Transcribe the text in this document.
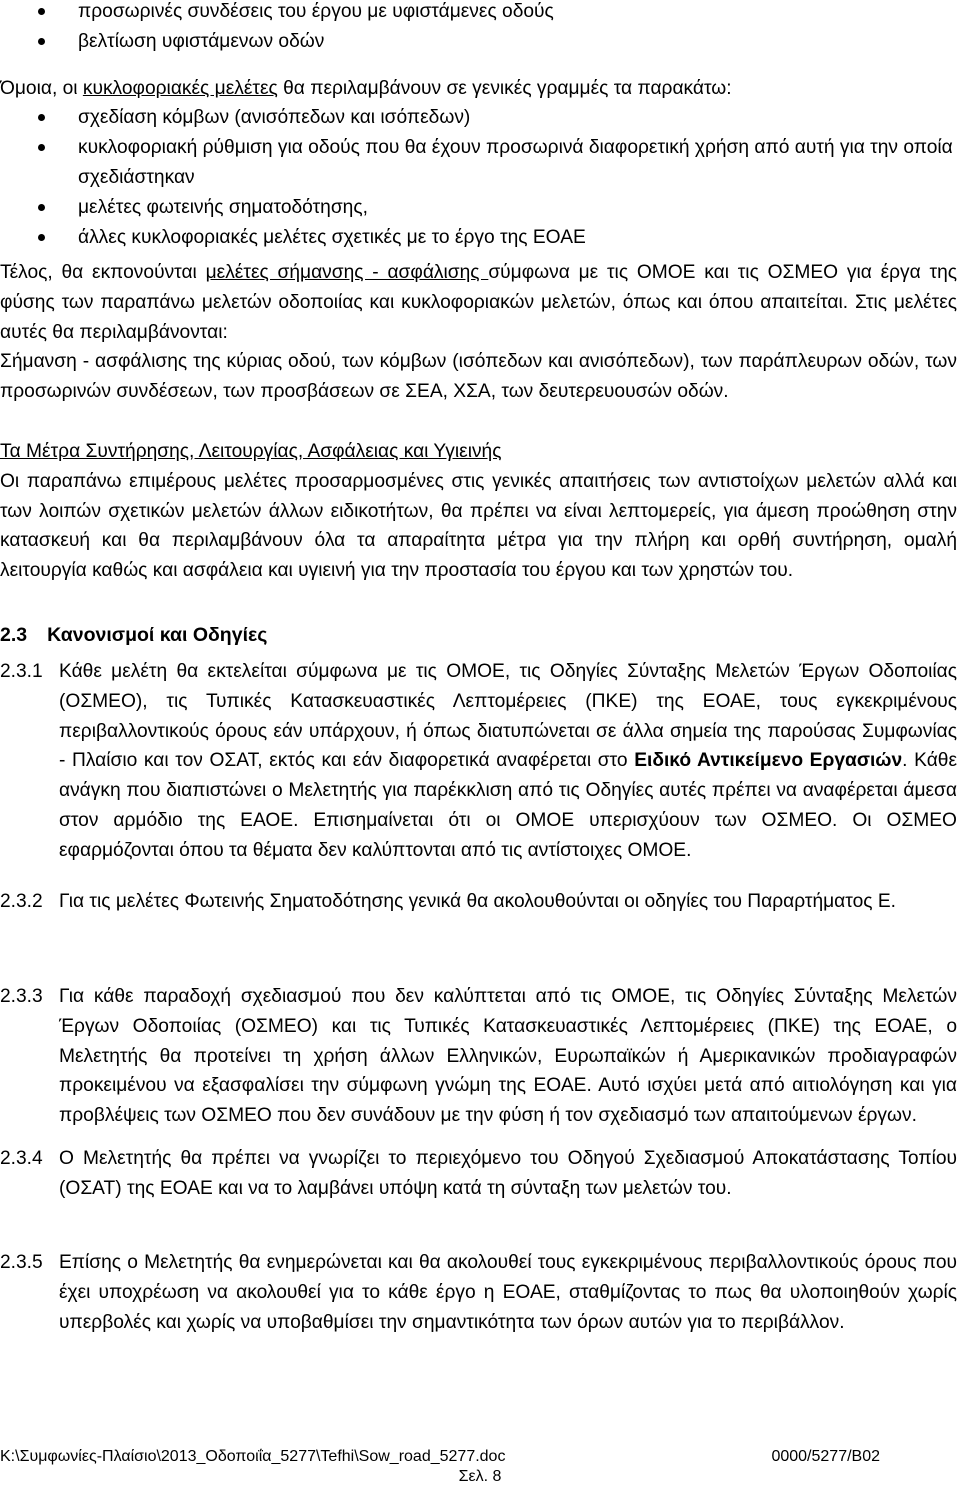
προσωρινές συνδέσεις του έργου με υφιστάμενες οδούς
βελτίωση υφιστάμενων οδών

Όμοια, οι κυκλοφοριακές μελέτες θα περιλαμβάνουν σε γενικές γραμμές τα παρακάτω:

σχεδίαση κόμβων (ανισόπεδων και ισόπεδων)
κυκλοφοριακή ρύθμιση για οδούς που θα έχουν προσωρινά διαφορετική χρήση από αυτή για την οποία σχεδιάστηκαν
μελέτες φωτεινής σηματοδότησης,
άλλες κυκλοφοριακές μελέτες σχετικές με το έργο της ΕΟΑΕ

Τέλος, θα εκπονούνται μελέτες σήμανσης - ασφάλισης σύμφωνα με τις ΟΜΟΕ και τις ΟΣΜΕΟ για έργα της φύσης των παραπάνω μελετών οδοποιίας και κυκλοφοριακών μελετών, όπως και όπου απαιτείται. Στις μελέτες αυτές θα περιλαμβάνονται:

Σήμανση - ασφάλισης της κύριας οδού, των κόμβων (ισόπεδων και ανισόπεδων), των παράπλευρων οδών, των προσωρινών συνδέσεων, των προσβάσεων σε ΣΕΑ, ΧΣΑ, των δευτερευουσών οδών.

Τα Μέτρα Συντήρησης, Λειτουργίας, Ασφάλειας και Υγιεινής

Οι παραπάνω επιμέρους μελέτες προσαρμοσμένες στις γενικές απαιτήσεις των αντιστοίχων μελετών αλλά και των λοιπών σχετικών μελετών άλλων ειδικοτήτων, θα πρέπει να είναι λεπτομερείς, για άμεση προώθηση στην κατασκευή και θα περιλαμβάνουν όλα τα απαραίτητα μέτρα για την πλήρη και ορθή συντήρηση, ομαλή λειτουργία καθώς και ασφάλεια και υγιεινή για την προστασία του έργου και των χρηστών του.

2.3 Κανονισμοί και Οδηγίες
2.3.1 Κάθε μελέτη θα εκτελείται σύμφωνα με τις ΟΜΟΕ, τις Οδηγίες Σύνταξης Μελετών Έργων Οδοποιίας (ΟΣΜΕΟ), τις Τυπικές Κατασκευαστικές Λεπτομέρειες (ΠΚΕ) της ΕΟΑΕ, τους εγκεκριμένους περιβαλλοντικούς όρους εάν υπάρχουν, ή όπως διατυπώνεται σε άλλα σημεία της παρούσας Συμφωνίας - Πλαίσιο και τον ΟΣΑΤ, εκτός και εάν διαφορετικά αναφέρεται στο Ειδικό Αντικείμενο Εργασιών. Κάθε ανάγκη που διαπιστώνει ο Μελετητής για παρέκκλιση από τις Οδηγίες αυτές πρέπει να αναφέρεται άμεσα στον αρμόδιο της ΕΑΟΕ. Επισημαίνεται ότι οι ΟΜΟΕ υπερισχύουν των ΟΣΜΕΟ. Οι ΟΣΜΕΟ εφαρμόζονται όπου τα θέματα δεν καλύπτονται από τις αντίστοιχες ΟΜΟΕ.

2.3.2 Για τις μελέτες Φωτεινής Σηματοδότησης γενικά θα ακολουθούνται οι οδηγίες του Παραρτήματος Ε.

2.3.3 Για κάθε παραδοχή σχεδιασμού που δεν καλύπτεται από τις ΟΜΟΕ, τις Οδηγίες Σύνταξης Μελετών Έργων Οδοποιίας (ΟΣΜΕΟ) και τις Τυπικές Κατασκευαστικές Λεπτομέρειες (ΠΚΕ) της ΕΟΑΕ, ο Μελετητής θα προτείνει τη χρήση άλλων Ελληνικών, Ευρωπαϊκών ή Αμερικανικών προδιαγραφών προκειμένου να εξασφαλίσει την σύμφωνη γνώμη της ΕΟΑΕ. Αυτό ισχύει μετά από αιτιολόγηση και για προβλέψεις των ΟΣΜΕΟ που δεν συνάδουν με την φύση ή τον σχεδιασμό των απαιτούμενων έργων.

2.3.4 Ο Μελετητής θα πρέπει να γνωρίζει το περιεχόμενο του Οδηγού Σχεδιασμού Αποκατάστασης Τοπίου (ΟΣΑΤ) της ΕΟΑΕ και να το λαμβάνει υπόψη κατά τη σύνταξη των μελετών του.

2.3.5 Επίσης ο Μελετητής θα ενημερώνεται και θα ακολουθεί τους εγκεκριμένους περιβαλλοντικούς όρους που έχει υποχρέωση να ακολουθεί για το κάθε έργο η ΕΟΑΕ, σταθμίζοντας το πως θα υλοποιηθούν χωρίς υπερβολές και χωρίς να υποβαθμίσει την σημαντικότητα των όρων αυτών για το περιβάλλον.

K:\Συμφωνίες-Πλαίσιο\2013_Οδοποιΐα_5277\Tefhi\Sow_road_5277.doc	0000/5277/Β02
Σελ. 8
